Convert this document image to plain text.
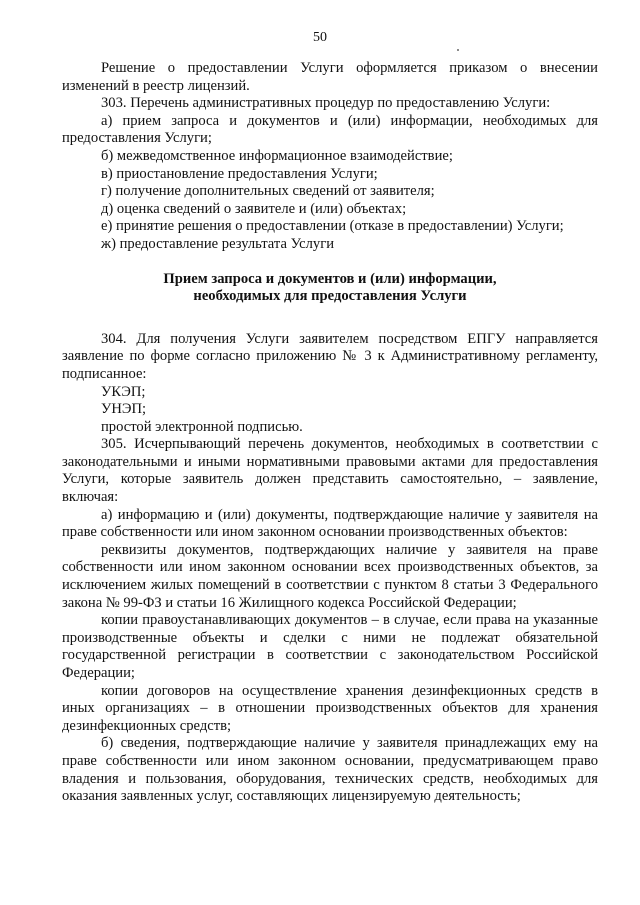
50

Решение о предоставлении Услуги оформляется приказом о внесении изменений в реестр лицензий.

303. Перечень административных процедур по предоставлению Услуги:

а) прием запроса и документов и (или) информации, необходимых для предоставления Услуги;

б) межведомственное информационное взаимодействие;

в) приостановление предоставления Услуги;

г) получение дополнительных сведений от заявителя;

д) оценка сведений о заявителе и (или) объектах;

е) принятие решения о предоставлении (отказе в предоставлении) Услуги;

ж) предоставление результата Услуги

Прием запроса и документов и (или) информации,
необходимых для предоставления Услуги

304. Для получения Услуги заявителем посредством ЕПГУ направляется заявление по форме согласно приложению № 3 к Административному регламенту, подписанное:

УКЭП;

УНЭП;

простой электронной подписью.

305. Исчерпывающий перечень документов, необходимых в соответствии с законодательными и иными нормативными правовыми актами для предоставления Услуги, которые заявитель должен представить самостоятельно, – заявление, включая:

а) информацию и (или) документы, подтверждающие наличие у заявителя на праве собственности или ином законном основании производственных объектов:

реквизиты документов, подтверждающих наличие у заявителя на праве собственности или ином законном основании всех производственных объектов, за исключением жилых помещений в соответствии с пунктом 8 статьи 3 Федерального закона № 99-ФЗ и статьи 16 Жилищного кодекса Российской Федерации;

копии правоустанавливающих документов – в случае, если права на указанные производственные объекты и сделки с ними не подлежат обязательной государственной регистрации в соответствии с законодательством Российской Федерации;

копии договоров на осуществление хранения дезинфекционных средств в иных организациях – в отношении производственных объектов для хранения дезинфекционных средств;

б) сведения, подтверждающие наличие у заявителя принадлежащих ему на праве собственности или ином законном основании, предусматривающем право владения и пользования, оборудования, технических средств, необходимых для оказания заявленных услуг, составляющих лицензируемую деятельность;
